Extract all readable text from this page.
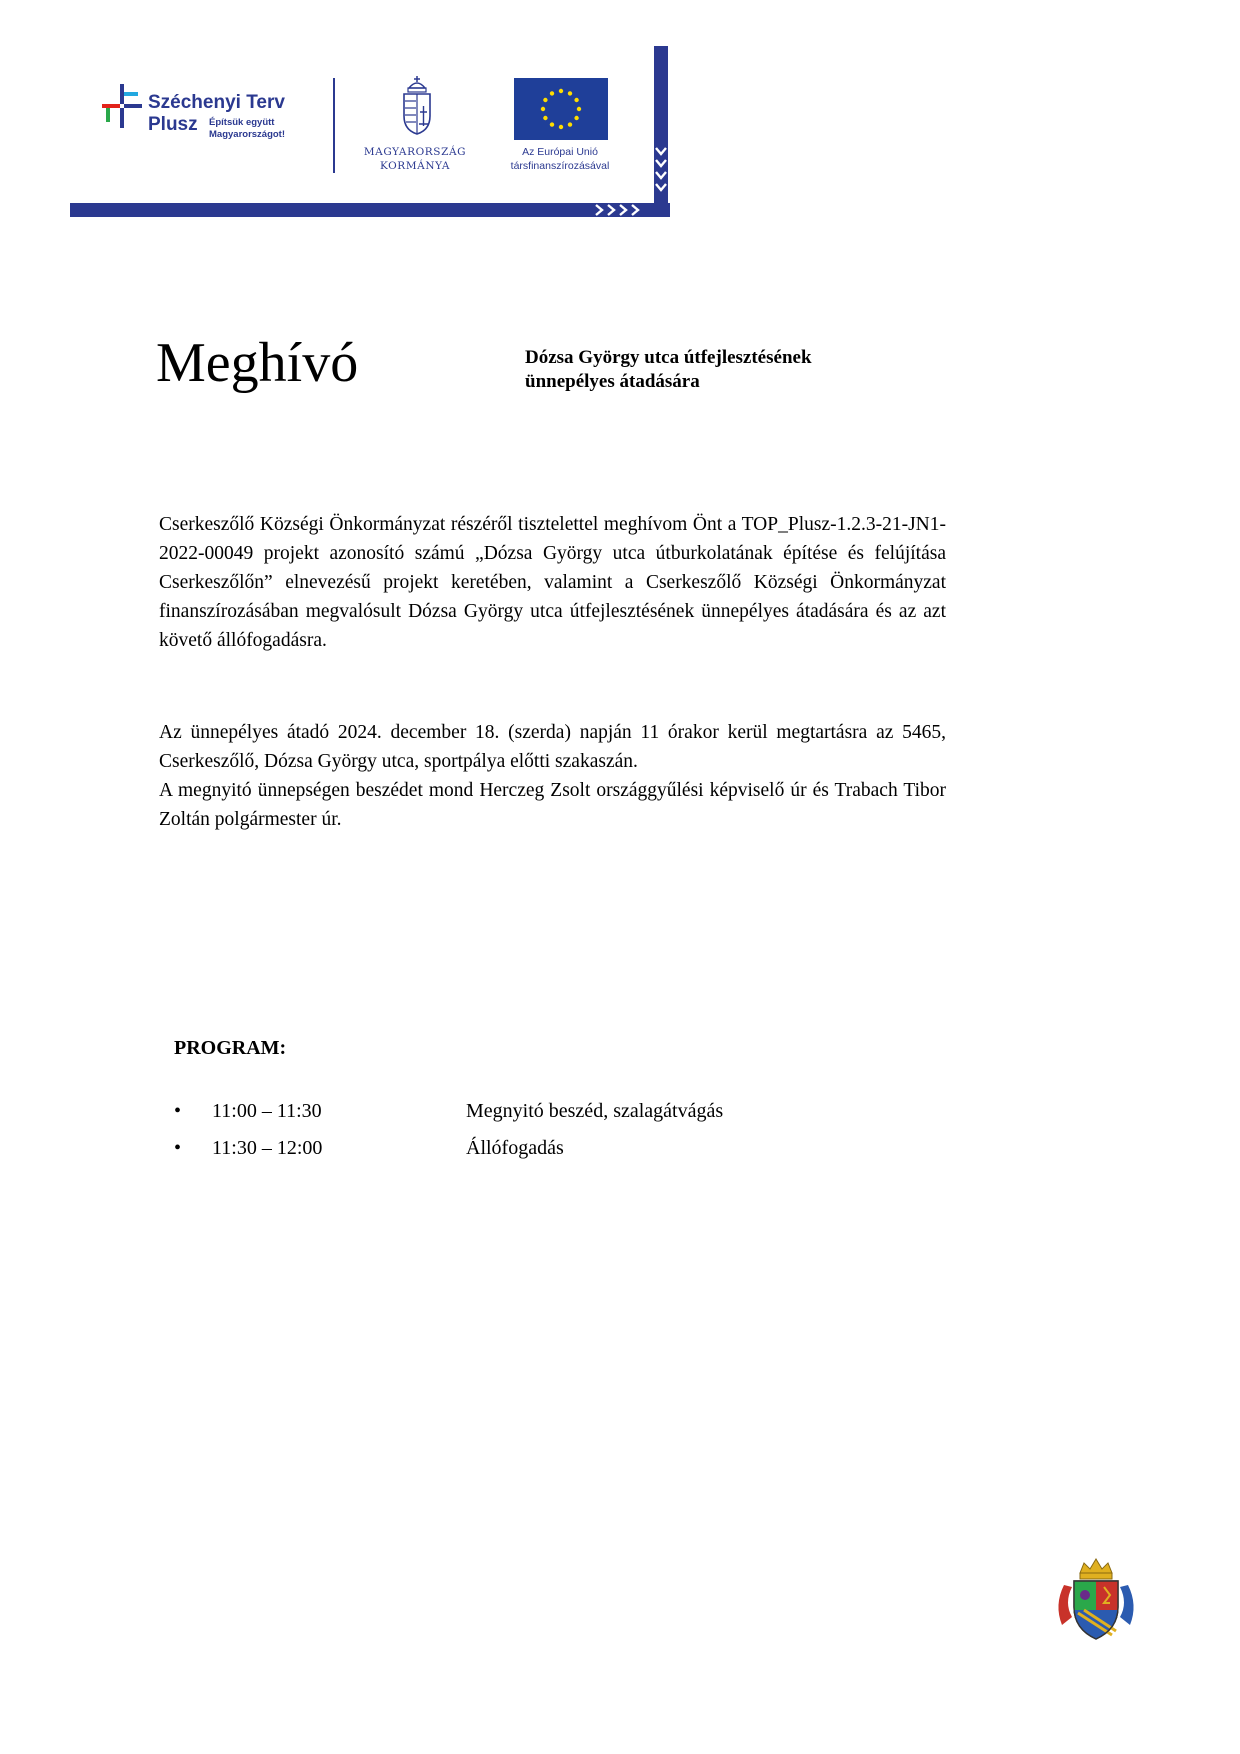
Széchenyi Terv
Plusz Építsük együtt
Magyarországot!
MAGYARORSZÁG
KORMÁNYA
Az Európai Unió
társfinanszírozásával
Meghívó	Dózsa György utca útfejlesztésének
ünnepélyes átadására

Cserkeszőlő Községi Önkormányzat részéről tisztelettel meghívom Önt a TOP_Plusz-1.2.3-21-JN1-2022-00049 projekt azonosító számú „Dózsa György utca útburkolatának építése és felújítása Cserkeszőlőn” elnevezésű projekt keretében, valamint a Cserkeszőlő Községi Önkormányzat finanszírozásában megvalósult Dózsa György utca útfejlesztésének ünnepélyes átadására és az azt követő állófogadásra.

Az ünnepélyes átadó 2024. december 18. (szerda) napján 11 órakor kerül megtartásra az 5465, Cserkeszőlő, Dózsa György utca, sportpálya előtti szakaszán.
A megnyitó ünnepségen beszédet mond Herczeg Zsolt országgyűlési képviselő úr és Trabach Tibor Zoltán polgármester úr.
PROGRAM:
• 11:00 – 11:30	Megnyitó beszéd, szalagátvágás
• 11:30 – 12:00	Állófogadás
